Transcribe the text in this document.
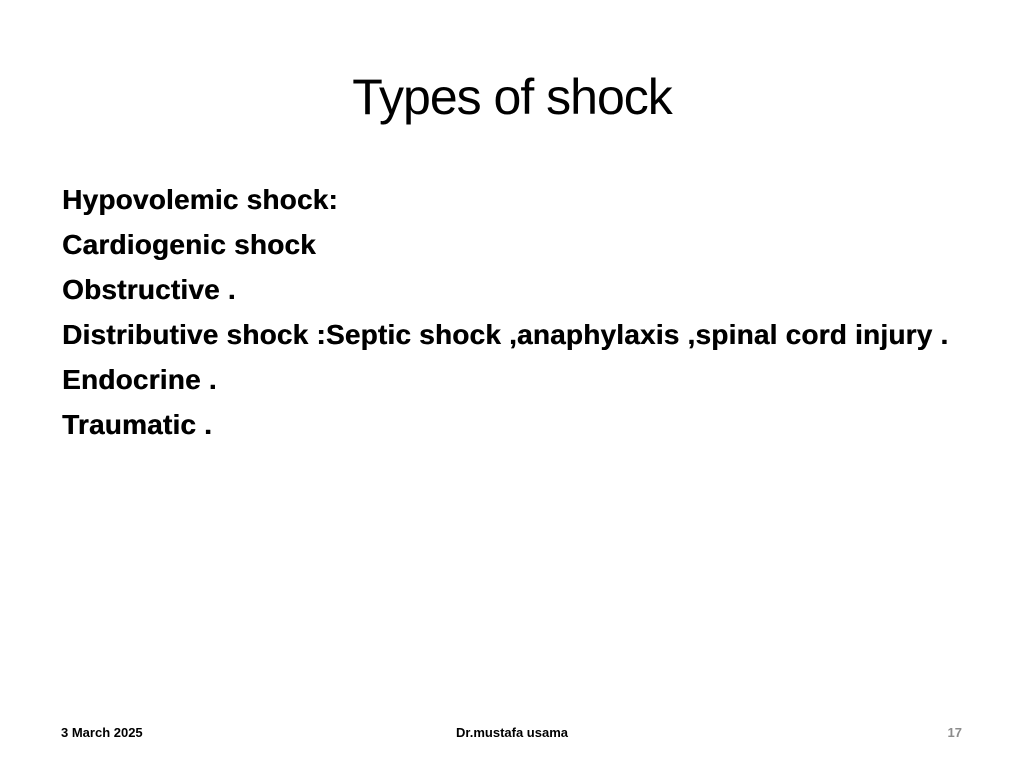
Types of shock
Hypovolemic shock:
Cardiogenic shock
Obstructive .
Distributive shock :Septic shock ,anaphylaxis ,spinal cord injury .
Endocrine .
Traumatic .
Dr.mustafa usama
3 March 2025	17
